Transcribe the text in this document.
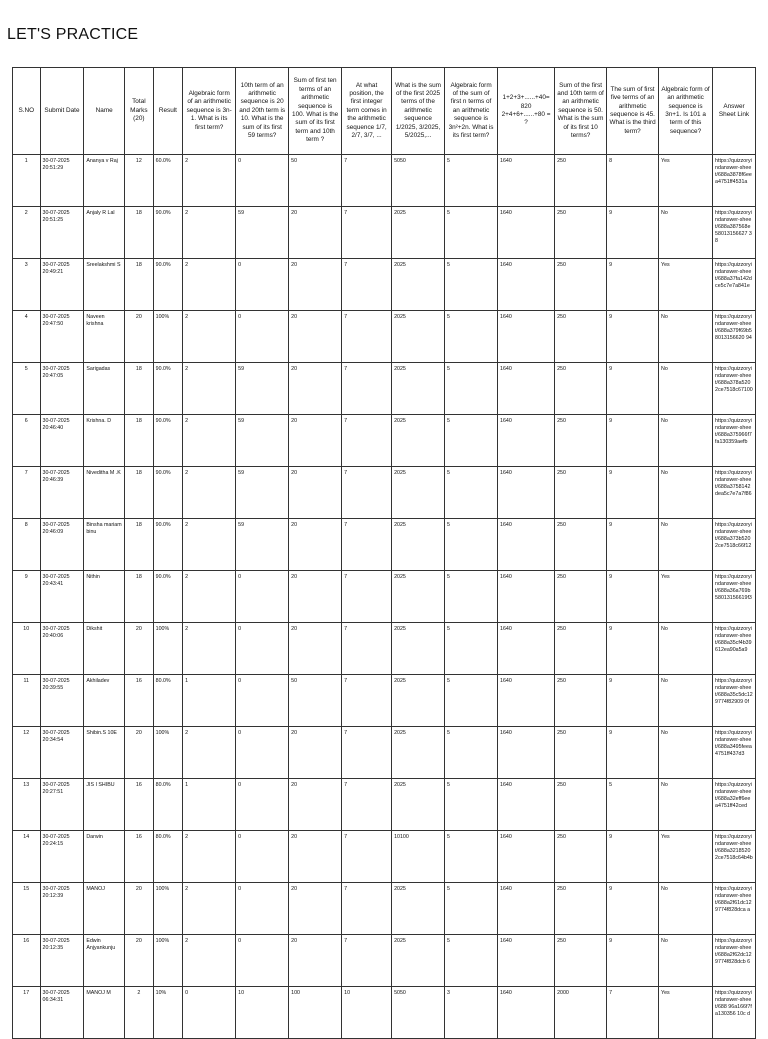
LET'S PRACTICE
S.NO	Submit Date	Name	Total Marks (20)	Result	Algebraic form of an arithmetic sequence is 3n-1. What is its first term?	10th term of an arithmetic sequence is 20 and 20th term is 10. What is the sum of its first 59 terms?	Sum of first ten terms of an arithmetic sequence is 100. What is the sum of its first term and 10th term ?	At what position, the first integer term comes in the arithmetic sequence 1/7, 2/7, 3/7, ...	What is the sum of the first 2025 terms of the arithmetic sequence 1/2025, 3/2025, 5/2025,...	Algebraic form of the sum of first n terms of an arithmetic sequence is 3n²+2n. What is its first term?	1+2+3+......+40= 820 2+4+6+......+80 = ?	Sum of the first and 10th term of an arithmetic sequence is 50. What is the sum of its first 10 terms?	The sum of first five terms of an arithmetic sequence is 45. What is the third term?	Algebraic form of an arithmetic sequence is 3n+1. Is 101 a term of this sequence?	Answer Sheet Link
1	30-07-2025 20:51:29	Ananya v Raj	12	60.0%	2	0	50	7	5050	5	1640	250	8	Yes	https://quizzoryindanswer-sheet/688a3878f6eea4751ff4531a
2	30-07-2025 20:51:25	Anjaly R Lal	18	90.0%	2	59	20	7	2025	5	1640	250	9	No	https://quizzoryindanswer-sheet/688a387568e58013156627 38
3	30-07-2025 20:49:21	Sreelakshmi S	18	90.0%	2	0	20	7	2025	5	1640	250	9	Yes	https://quizzoryindanswer-sheet/688a37fa142dce5c7e7a841e
4	30-07-2025 20:47:50	Naveen krishna	20	100%	2	0	20	7	2025	5	1640	250	9	No	https://quizzoryindanswer-sheet/688a379f69b58013156620 94
5	30-07-2025 20:47:05	Sarigadas	18	90.0%	2	59	20	7	2025	5	1640	250	9	No	https://quizzoryindanswer-sheet/688a378a5202ce7518c67100
6	30-07-2025 20:46:40	Krishna. D	18	90.0%	2	59	20	7	2025	5	1640	250	9	No	https://quizzoryindanswer-sheet/688a375966f7fa130359aefb
7	30-07-2025 20:46:39	Niveditha M .K	18	90.0%	2	59	20	7	2025	5	1640	250	9	No	https://quizzoryindanswer-sheet/688a3758142dea5c7e7a7f86
8	30-07-2025 20:46:09	Binsha mariam binu	18	90.0%	2	59	20	7	2025	5	1640	250	9	No	https://quizzoryindanswer-sheet/688a373b5202ce7518c66f12
9	30-07-2025 20:43:41	Nithin	18	90.0%	2	0	20	7	2025	5	1640	250	9	Yes	https://quizzoryindanswer-sheet/688a36a769b58013156619f3
10	30-07-2025 20:40:06	Dikshit	20	100%	2	0	20	7	2025	5	1640	250	9	No	https://quizzoryindanswer-sheet/688a35cf4b39612ea90a5a9
11	30-07-2025 20:39:55	Akhiladev	16	80.0%	1	0	50	7	2025	5	1640	250	9	No	https://quizzoryindanswer-sheet/688a35c5dc129774f82909 0f
12	30-07-2025 20:34:54	Shibin.S 10E	20	100%	2	0	20	7	2025	5	1640	250	9	No	https://quizzoryindanswer-sheet/688a3495feea4751ff437d3
13	30-07-2025 20:27:51	JIS I SHIBU	16	80.0%	1	0	20	7	2025	5	1640	250	5	No	https://quizzoryindanswer-sheet/688a32eff6eea4751ff42ced
14	30-07-2025 20:24:15	Darwin	16	80.0%	2	0	20	7	10100	5	1640	250	9	Yes	https://quizzoryindanswer-sheet/688a32185202ce7518c64b4b
15	30-07-2025 20:12:39	MANOJ	20	100%	2	0	20	7	2025	5	1640	250	9	No	https://quizzoryindanswer-sheet/688a2f61dc129774f828dca a
16	30-07-2025 20:12:35	Edwin Anjyankunju	20	100%	2	0	20	7	2025	5	1640	250	9	No	https://quizzoryindanswer-sheet/688a2f62dc129774f828dcb 6
17	30-07-2025 06:34:31	MANOJ M	2	10%	0	10	100	10	5050	3	1640	2000	7	Yes	https://quizzoryindanswer-sheet/688 96a166f7fa130356 10c d
